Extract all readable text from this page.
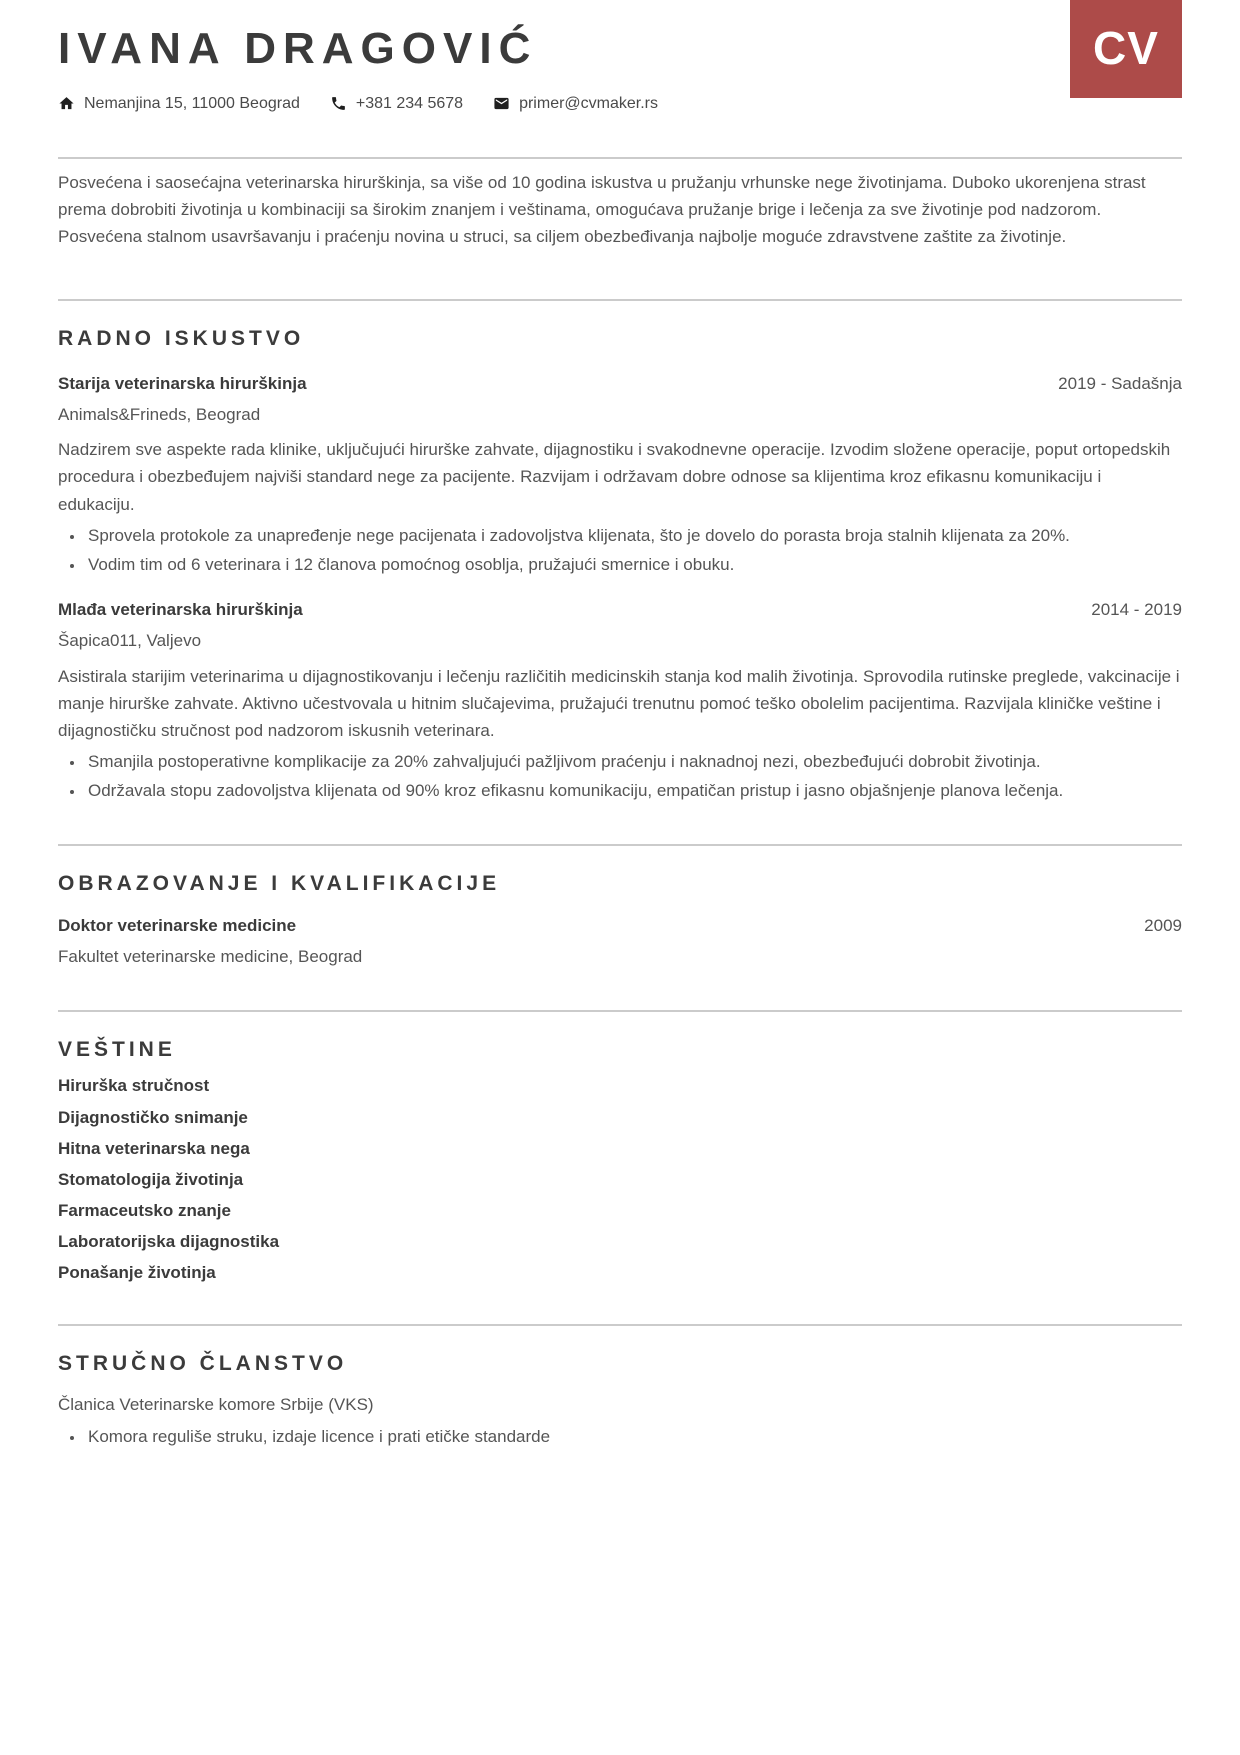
CV
IVANA DRAGOVIĆ
Nemanjina 15, 11000 Beograd	+381 234 5678	primer@cvmaker.rs

Posvećena i saosećajna veterinarska hirurškinja, sa više od 10 godina iskustva u pružanju vrhunske nege životinjama. Duboko ukorenjena strast prema dobrobiti životinja u kombinaciji sa širokim znanjem i veštinama, omogućava pružanje brige i lečenja za sve životinje pod nadzorom. Posvećena stalnom usavršavanju i praćenju novina u struci, sa ciljem obezbeđivanja najbolje moguće zdravstvene zaštite za životinje.

RADNO ISKUSTVO
Starija veterinarska hirurškinja	2019 - Sadašnja
Animals&Frineds, Beograd

Nadzirem sve aspekte rada klinike, uključujući hirurške zahvate, dijagnostiku i svakodnevne operacije. Izvodim složene operacije, poput ortopedskih procedura i obezbeđujem najviši standard nege za pacijente. Razvijam i održavam dobre odnose sa klijentima kroz efikasnu komunikaciju i edukaciju.

• Sprovela protokole za unapređenje nege pacijenata i zadovoljstva klijenata, što je dovelo do porasta broja stalnih klijenata za 20%.
• Vodim tim od 6 veterinara i 12 članova pomoćnog osoblja, pružajući smernice i obuku.
Mlađa veterinarska hirurškinja	2014 - 2019
Šapica011, Valjevo

Asistirala starijim veterinarima u dijagnostikovanju i lečenju različitih medicinskih stanja kod malih životinja. Sprovodila rutinske preglede, vakcinacije i manje hirurške zahvate. Aktivno učestvovala u hitnim slučajevima, pružajući trenutnu pomoć teško obolelim pacijentima. Razvijala kliničke veštine i dijagnostičku stručnost pod nadzorom iskusnih veterinara.

• Smanjila postoperativne komplikacije za 20% zahvaljujući pažljivom praćenju i naknadnoj nezi, obezbeđujući dobrobit životinja.
• Održavala stopu zadovoljstva klijenata od 90% kroz efikasnu komunikaciju, empatičan pristup i jasno objašnjenje planova lečenja.
OBRAZOVANJE I KVALIFIKACIJE
Doktor veterinarske medicine	2009
Fakultet veterinarske medicine, Beograd
VEŠTINE
Hirurška stručnost
Dijagnostičko snimanje
Hitna veterinarska nega
Stomatologija životinja
Farmaceutsko znanje
Laboratorijska dijagnostika
Ponašanje životinja
STRUČNO ČLANSTVO
Članica Veterinarske komore Srbije (VKS)
• Komora reguliše struku, izdaje licence i prati etičke standarde
